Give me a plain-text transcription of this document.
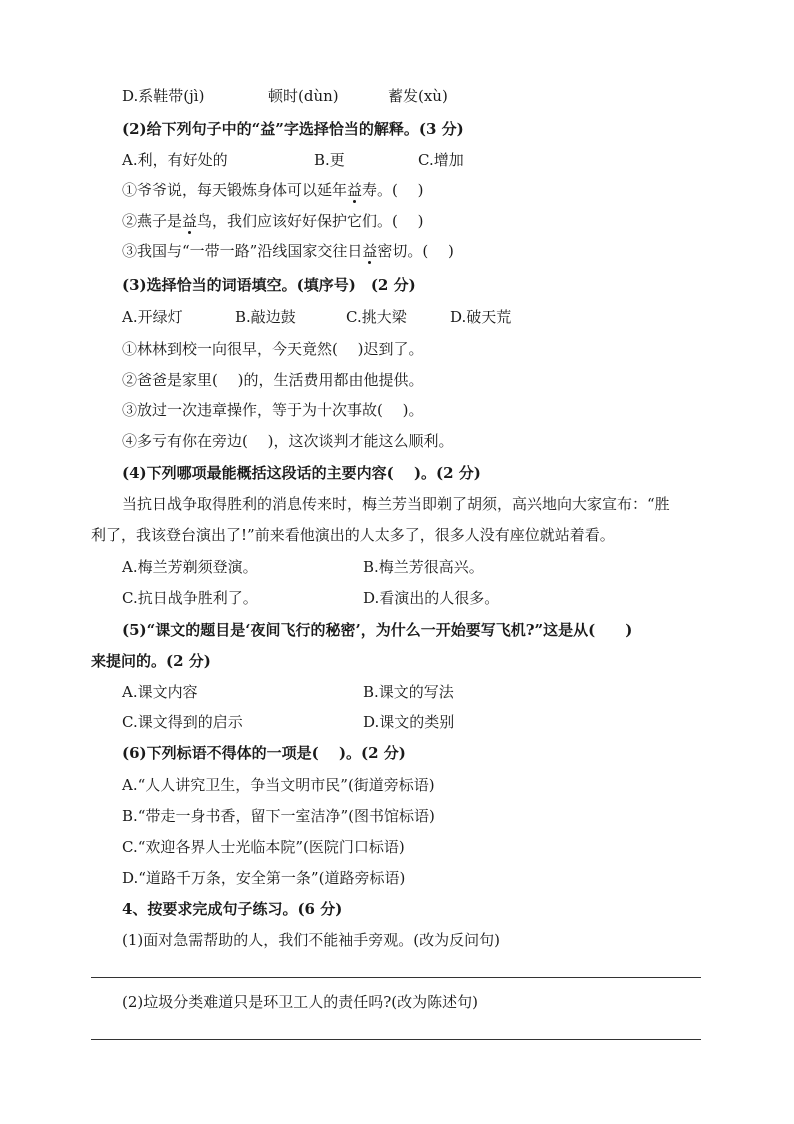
D.系鞋带(jì)	顿时(dùn)	蓄发(xù)
(2)给下列句子中的“益”字选择恰当的解释。(3 分)
A.利，有好处的	B.更	C.增加
①爷爷说，每天锻炼身体可以延年益寿。(　 )
②燕子是益鸟，我们应该好好保护它们。(　 )
③我国与“一带一路”沿线国家交往日益密切。(　 )
(3)选择恰当的词语填空。(填序号)　(2 分)
A.开绿灯	B.敲边鼓	C.挑大梁	D.破天荒
①林林到校一向很早，今天竟然(　 )迟到了。
②爸爸是家里(　 )的，生活费用都由他提供。
③放过一次违章操作，等于为十次事故(　 )。
④多亏有你在旁边(　 )，这次谈判才能这么顺利。
(4)下列哪项最能概括这段话的主要内容(　 )。(2 分)
当抗日战争取得胜利的消息传来时，梅兰芳当即剃了胡须，高兴地向大家宣布：“胜
利了，我该登台演出了!”前来看他演出的人太多了，很多人没有座位就站着看。
A.梅兰芳剃须登演。	B.梅兰芳很高兴。
C.抗日战争胜利了。	D.看演出的人很多。
(5)“课文的题目是‘夜间飞行的秘密’，为什么一开始要写飞机?”这是从(　　)
来提问的。(2 分)
A.课文内容	B.课文的写法
C.课文得到的启示	D.课文的类别
(6)下列标语不得体的一项是(　 )。(2 分)
A.“人人讲究卫生，争当文明市民”(街道旁标语)
B.“带走一身书香，留下一室洁净”(图书馆标语)
C.“欢迎各界人士光临本院”(医院门口标语)
D.“道路千万条，安全第一条”(道路旁标语)
4、按要求完成句子练习。(6 分)
(1)面对急需帮助的人，我们不能袖手旁观。(改为反问句)
(2)垃圾分类难道只是环卫工人的责任吗?(改为陈述句)
